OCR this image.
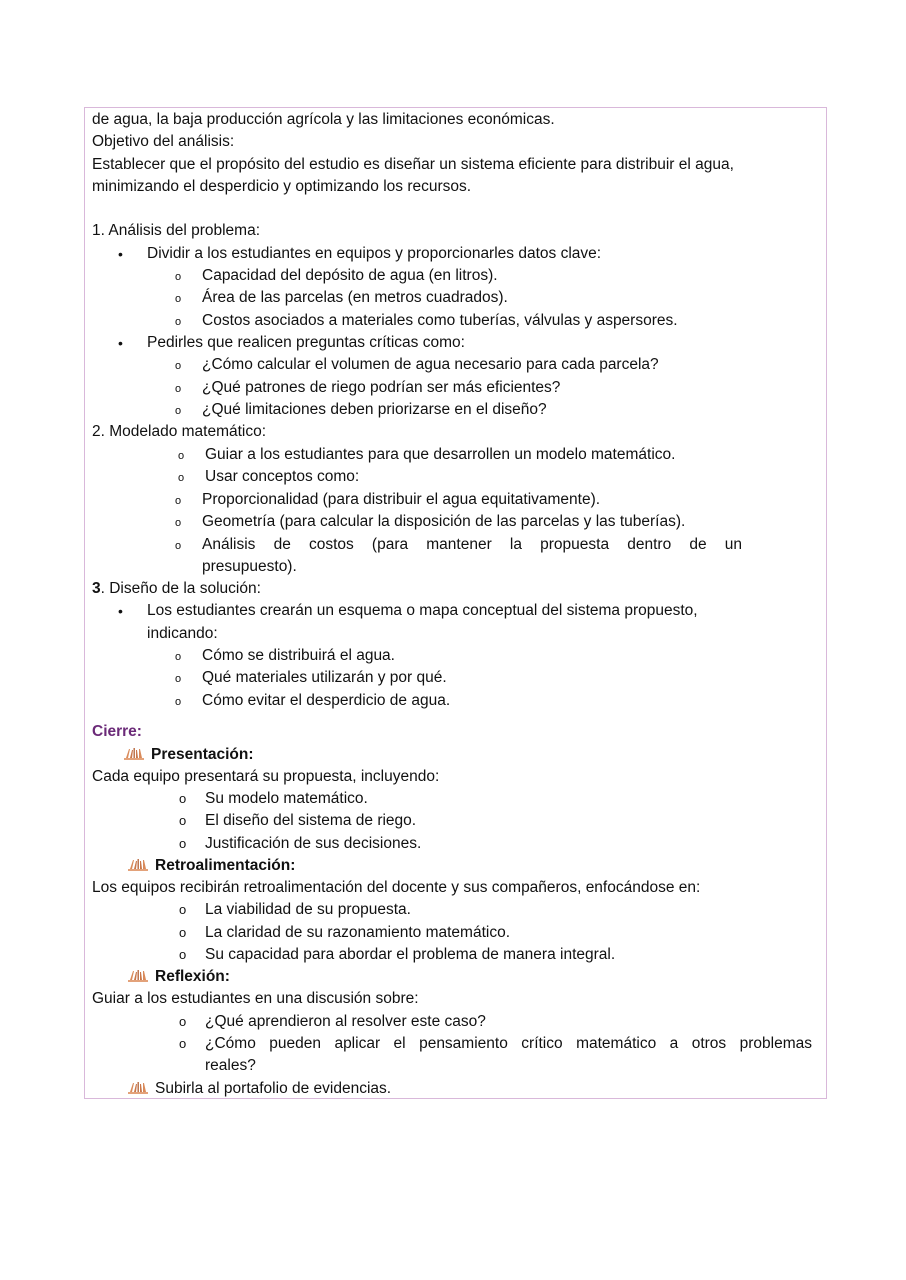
de agua, la baja producción agrícola y las limitaciones económicas.
Objetivo del análisis:
Establecer que el propósito del estudio es diseñar un sistema eficiente para distribuir el agua,
minimizando el desperdicio y optimizando los recursos.
1. Análisis del problema:
• Dividir a los estudiantes en equipos y proporcionarles datos clave:
o Capacidad del depósito de agua (en litros).
o Área de las parcelas (en metros cuadrados).
o Costos asociados a materiales como tuberías, válvulas y aspersores.
• Pedirles que realicen preguntas críticas como:
o ¿Cómo calcular el volumen de agua necesario para cada parcela?
o ¿Qué patrones de riego podrían ser más eficientes?
o ¿Qué limitaciones deben priorizarse en el diseño?
2. Modelado matemático:
o Guiar a los estudiantes para que desarrollen un modelo matemático.
o Usar conceptos como:
o Proporcionalidad (para distribuir el agua equitativamente).
o Geometría (para calcular la disposición de las parcelas y las tuberías).
o Análisis de costos (para mantener la propuesta dentro de un
presupuesto).
3. Diseño de la solución:
• Los estudiantes crearán un esquema o mapa conceptual del sistema propuesto,
indicando:
o Cómo se distribuirá el agua.
o Qué materiales utilizarán y por qué.
o Cómo evitar el desperdicio de agua.
Cierre:
Presentación:
Cada equipo presentará su propuesta, incluyendo:
o Su modelo matemático.
o El diseño del sistema de riego.
o Justificación de sus decisiones.
Retroalimentación:
Los equipos recibirán retroalimentación del docente y sus compañeros, enfocándose en:
o La viabilidad de su propuesta.
o La claridad de su razonamiento matemático.
o Su capacidad para abordar el problema de manera integral.
Reflexión:
Guiar a los estudiantes en una discusión sobre:
o ¿Qué aprendieron al resolver este caso?
o ¿Cómo pueden aplicar el pensamiento crítico matemático a otros problemas
reales?
Subirla al portafolio de evidencias.
